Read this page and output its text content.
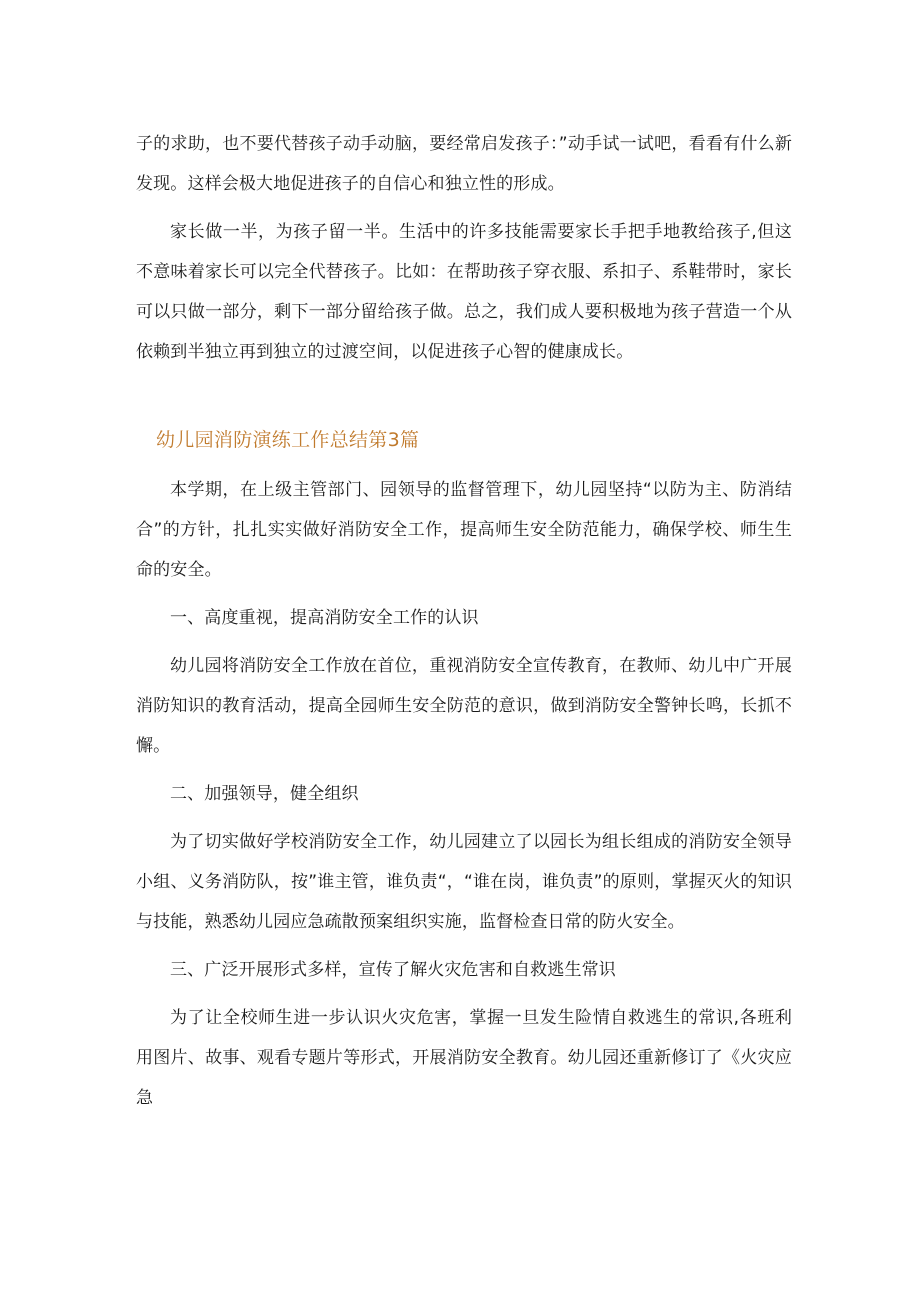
子的求助，也不要代替孩子动手动脑，要经常启发孩子：”动手试一试吧，看看有什么新发现。这样会极大地促进孩子的自信心和独立性的形成。

家长做一半，为孩子留一半。生活中的许多技能需要家长手把手地教给孩子,但这不意味着家长可以完全代替孩子。比如：在帮助孩子穿衣服、系扣子、系鞋带时，家长可以只做一部分，剩下一部分留给孩子做。总之，我们成人要积极地为孩子营造一个从依赖到半独立再到独立的过渡空间，以促进孩子心智的健康成长。

幼儿园消防演练工作总结第3篇

本学期，在上级主管部门、园领导的监督管理下，幼儿园坚持“以防为主、防消结合”的方针，扎扎实实做好消防安全工作，提高师生安全防范能力，确保学校、师生生命的安全。

一、高度重视，提高消防安全工作的认识

幼儿园将消防安全工作放在首位，重视消防安全宣传教育，在教师、幼儿中广开展消防知识的教育活动，提高全园师生安全防范的意识，做到消防安全警钟长鸣，长抓不懈。

二、加强领导，健全组织

为了切实做好学校消防安全工作，幼儿园建立了以园长为组长组成的消防安全领导小组、义务消防队，按”谁主管，谁负责“，“谁在岗，谁负责”的原则，掌握灭火的知识与技能，熟悉幼儿园应急疏散预案组织实施，监督检查日常的防火安全。

三、广泛开展形式多样，宣传了解火灾危害和自救逃生常识

为了让全校师生进一步认识火灾危害，掌握一旦发生险情自救逃生的常识,各班利用图片、故事、观看专题片等形式，开展消防安全教育。幼儿园还重新修订了《火灾应急
